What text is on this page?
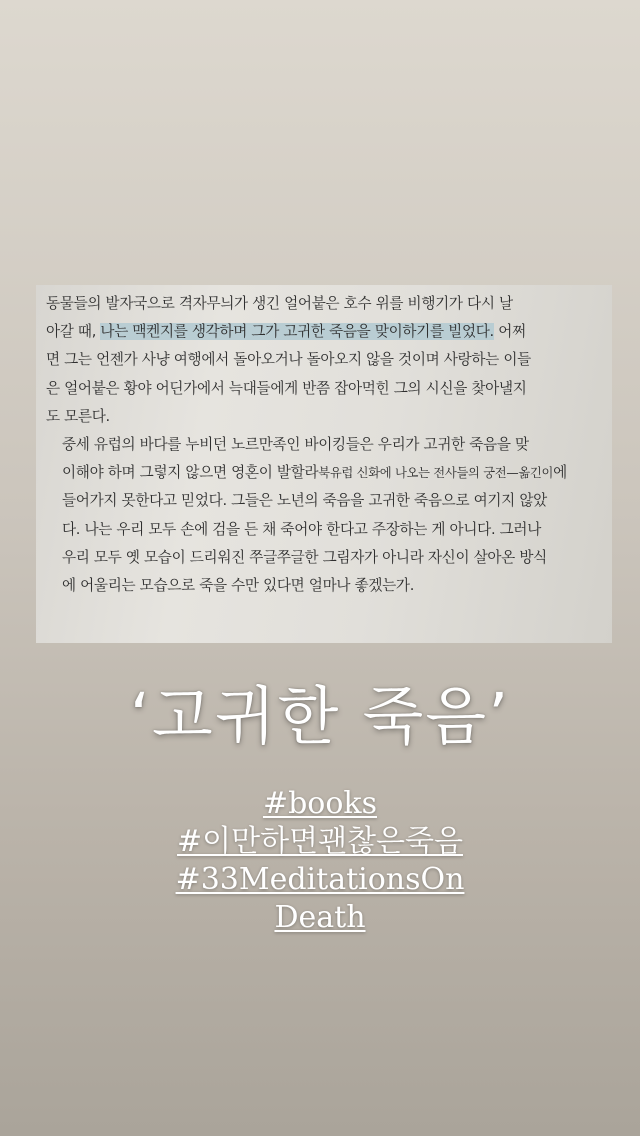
동물들의 발자국으로 격자무늬가 생긴 얼어붙은 호수 위를 비행기가 다시 날
아갈 때, 나는 맥켄지를 생각하며 그가 고귀한 죽음을 맞이하기를 빌었다. 어쩌
면 그는 언젠가 사냥 여행에서 돌아오거나 돌아오지 않을 것이며 사랑하는 이들
은 얼어붙은 황야 어딘가에서 늑대들에게 반쯤 잡아먹힌 그의 시신을 찾아낼지
도 모른다.
중세 유럽의 바다를 누비던 노르만족인 바이킹들은 우리가 고귀한 죽음을 맞
이해야 하며 그렇지 않으면 영혼이 발할라북유럽 신화에 나오는 전사들의 궁전—옮긴이에
들어가지 못한다고 믿었다. 그들은 노년의 죽음을 고귀한 죽음으로 여기지 않았
다. 나는 우리 모두 손에 검을 든 채 죽어야 한다고 주장하는 게 아니다. 그러나
우리 모두 옛 모습이 드리워진 쭈글쭈글한 그림자가 아니라 자신이 살아온 방식
에 어울리는 모습으로 죽을 수만 있다면 얼마나 좋겠는가.
‘고귀한 죽음’
#books
#이만하면괜찮은죽음
#33MeditationsOn
Death
